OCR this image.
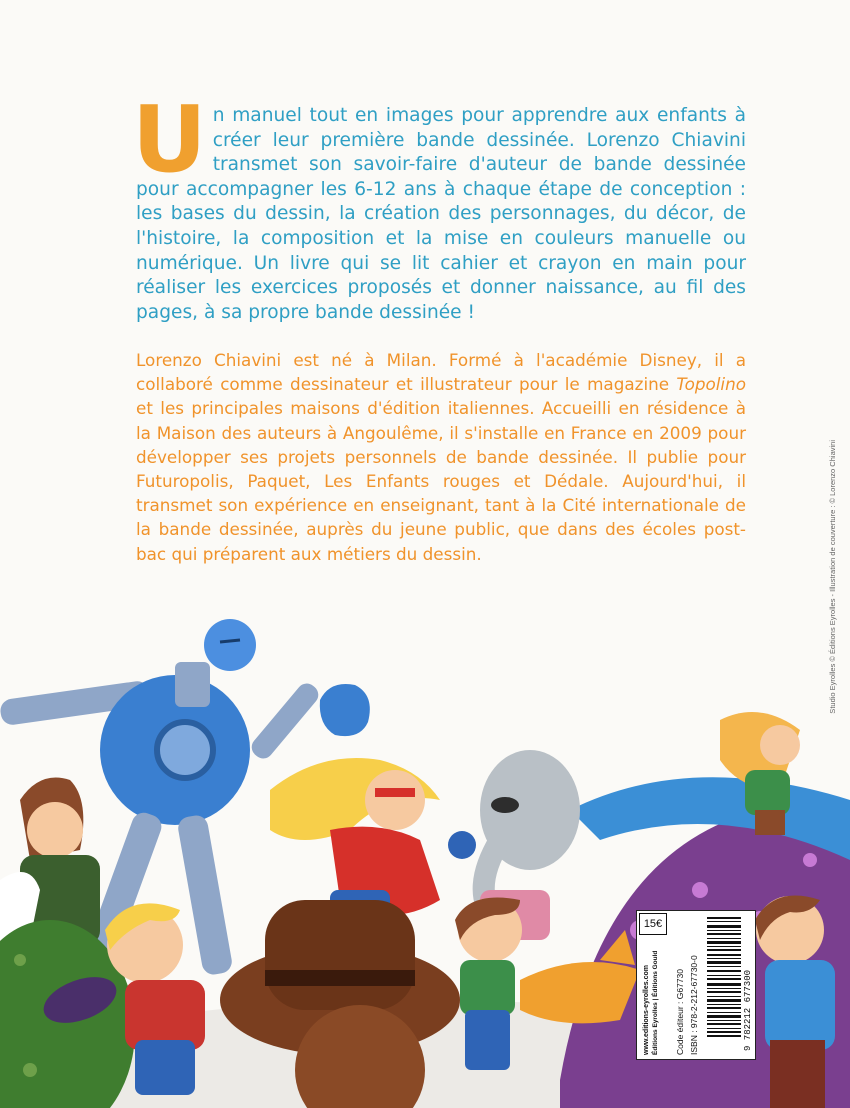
Un manuel tout en images pour apprendre aux enfants à créer leur première bande dessinée. Lorenzo Chiavini transmet son savoir-faire d'auteur de bande dessinée pour accompagner les 6-12 ans à chaque étape de conception : les bases du dessin, la création des personnages, du décor, de l'histoire, la composition et la mise en couleurs manuelle ou numérique. Un livre qui se lit cahier et crayon en main pour réaliser les exercices proposés et donner naissance, au fil des pages, à sa propre bande dessinée !

Lorenzo Chiavini est né à Milan. Formé à l'académie Disney, il a collaboré comme dessinateur et illustrateur pour le magazine Topolino et les principales maisons d'édition italiennes. Accueilli en résidence à la Maison des auteurs à Angoulême, il s'installe en France en 2009 pour développer ses projets personnels de bande dessinée. Il publie pour Futuropolis, Paquet, Les Enfants rouges et Dédale. Aujourd'hui, il transmet son expérience en enseignant, tant à la Cité internationale de la bande dessinée, auprès du jeune public, que dans des écoles post-bac qui préparent aux métiers du dessin.	Studio Eyrolles © Éditions Eyrolles - Illustration de couverture : © Lorenzo Chiavini
15€
www.editions-eyrolles.com Éditions Eyrolles | Éditions Gould Code éditeur : G67730 ISBN : 978-2-212-67730-0	9 782212 677300
